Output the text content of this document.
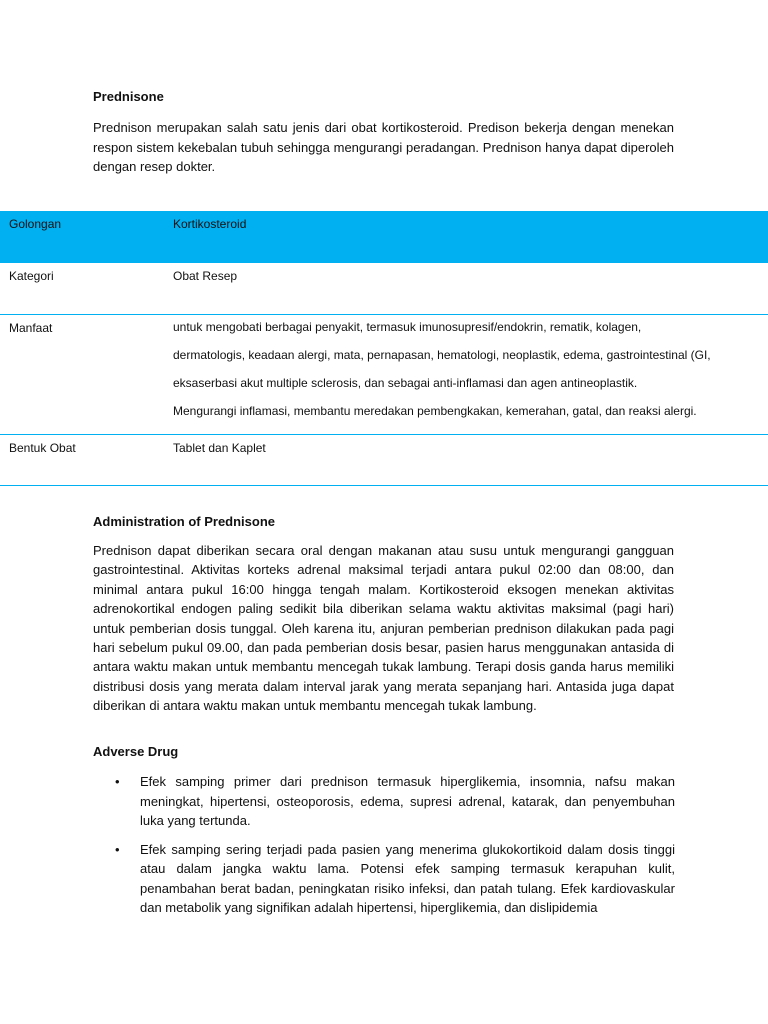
Prednisone
Prednison merupakan salah satu jenis dari obat kortikosteroid. Predison bekerja dengan menekan respon sistem kekebalan tubuh sehingga mengurangi peradangan. Prednison hanya dapat diperoleh dengan resep dokter.
Golongan	Kortikosteroid
Kategori	Obat Resep
Manfaat	untuk mengobati berbagai penyakit, termasuk imunosupresif/endokrin, rematik, kolagen,
dermatologis, keadaan alergi, mata, pernapasan, hematologi, neoplastik, edema, gastrointestinal (GI,
eksaserbasi akut multiple sclerosis, dan sebagai anti-inflamasi dan agen antineoplastik.
Mengurangi inflamasi, membantu meredakan pembengkakan, kemerahan, gatal, dan reaksi alergi.

Bentuk Obat	Tablet dan Kaplet
Administration of Prednisone
Prednison dapat diberikan secara oral dengan makanan atau susu untuk mengurangi gangguan gastrointestinal. Aktivitas korteks adrenal maksimal terjadi antara pukul 02:00 dan 08:00, dan minimal antara pukul 16:00 hingga tengah malam. Kortikosteroid eksogen menekan aktivitas adrenokortikal endogen paling sedikit bila diberikan selama waktu aktivitas maksimal (pagi hari) untuk pemberian dosis tunggal. Oleh karena itu, anjuran pemberian prednison dilakukan pada pagi hari sebelum pukul 09.00, dan pada pemberian dosis besar, pasien harus menggunakan antasida di antara waktu makan untuk membantu mencegah tukak lambung. Terapi dosis ganda harus memiliki distribusi dosis yang merata dalam interval jarak yang merata sepanjang hari. Antasida juga dapat diberikan di antara waktu makan untuk membantu mencegah tukak lambung.
Adverse Drug
• Efek samping primer dari prednison termasuk hiperglikemia, insomnia, nafsu makan meningkat, hipertensi, osteoporosis, edema, supresi adrenal, katarak, dan penyembuhan luka yang tertunda.
• Efek samping sering terjadi pada pasien yang menerima glukokortikoid dalam dosis tinggi atau dalam jangka waktu lama. Potensi efek samping termasuk kerapuhan kulit, penambahan berat badan, peningkatan risiko infeksi, dan patah tulang. Efek kardiovaskular dan metabolik yang signifikan adalah hipertensi, hiperglikemia, dan dislipidemia
